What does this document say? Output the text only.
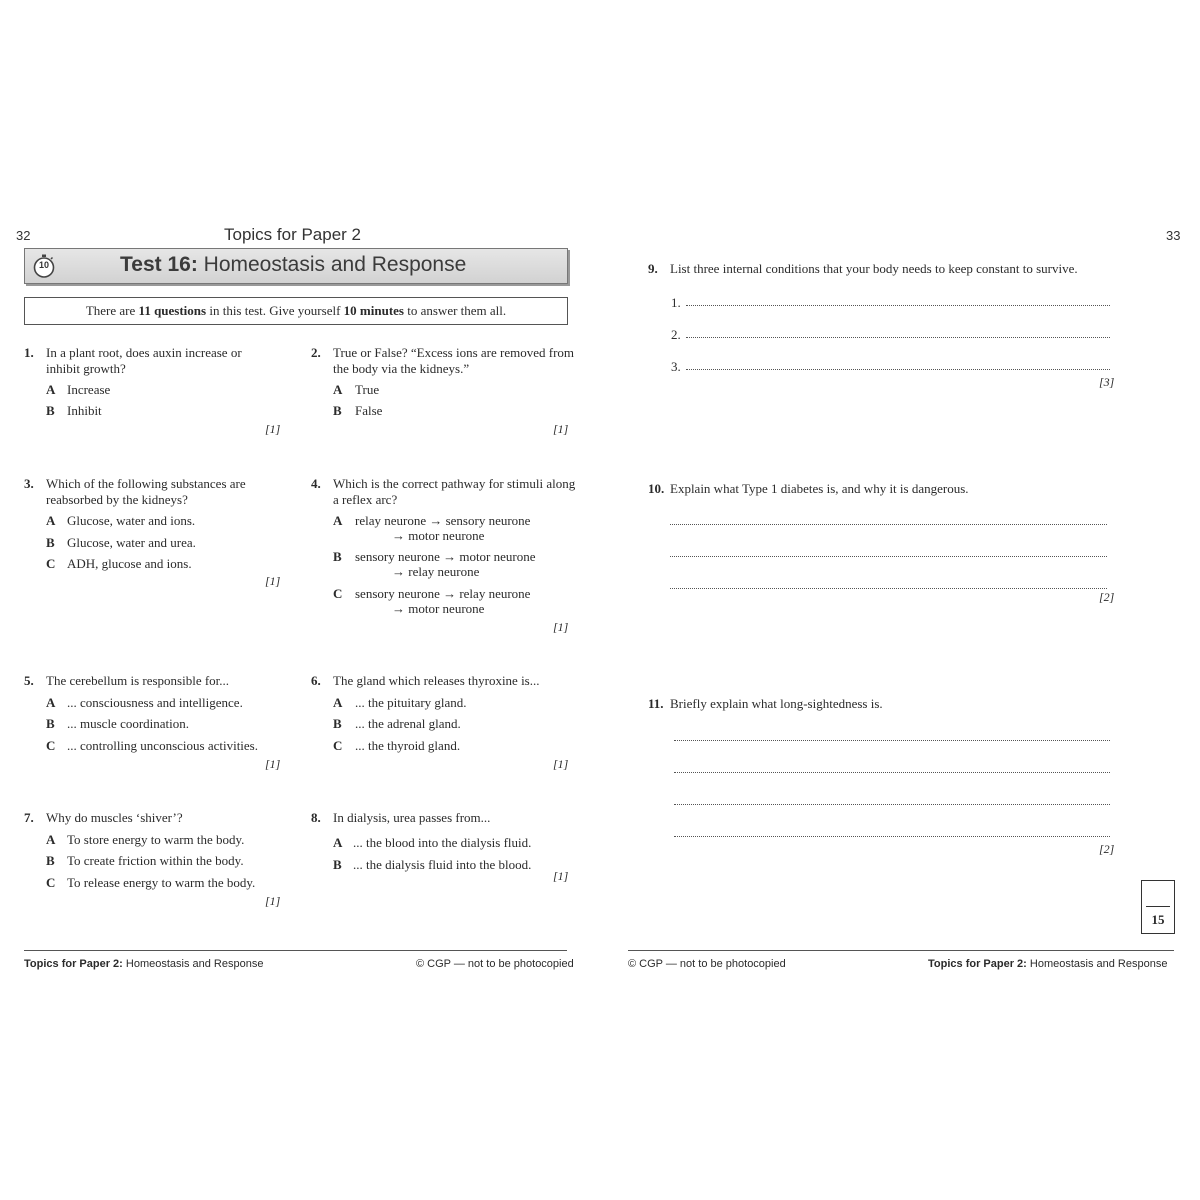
32	Topics for Paper 2
10	Test 16: Homeostasis and Response
There are 11 questions in this test. Give yourself 10 minutes to answer them all.
1. In a plant root, does auxin increase or
inhibit growth?
A Increase
B Inhibit
[1]
2. True or False? “Excess ions are removed from
the body via the kidneys.”
A True
B False
[1]
3. Which of the following substances are
reabsorbed by the kidneys?
A Glucose, water and ions.
B Glucose, water and urea.
C ADH, glucose and ions.
[1]
4. Which is the correct pathway for stimuli along
a reflex arc?
A relay neurone → sensory neurone
→ motor neurone
B sensory neurone → motor neurone
→ relay neurone
C sensory neurone → relay neurone
→ motor neurone
[1]
5. The cerebellum is responsible for...
A ... consciousness and intelligence.
B ... muscle coordination.
C ... controlling unconscious activities.
[1]
6. The gland which releases thyroxine is...
A ... the pituitary gland.
B ... the adrenal gland.
C ... the thyroid gland.
[1]
7. Why do muscles ‘shiver’?
A To store energy to warm the body.
B To create friction within the body.
C To release energy to warm the body.
[1]
8. In dialysis, urea passes from...
A ... the blood into the dialysis fluid.
B ... the dialysis fluid into the blood.
[1]
Topics for Paper 2: Homeostasis and Response	© CGP — not to be photocopied
33
9. List three internal conditions that your body needs to keep constant to survive.
1.
2.
3.
[3]
10. Explain what Type 1 diabetes is, and why it is dangerous.
[2]
11. Briefly explain what long-sightedness is.
[2]
15
© CGP — not to be photocopied	Topics for Paper 2: Homeostasis and Response
